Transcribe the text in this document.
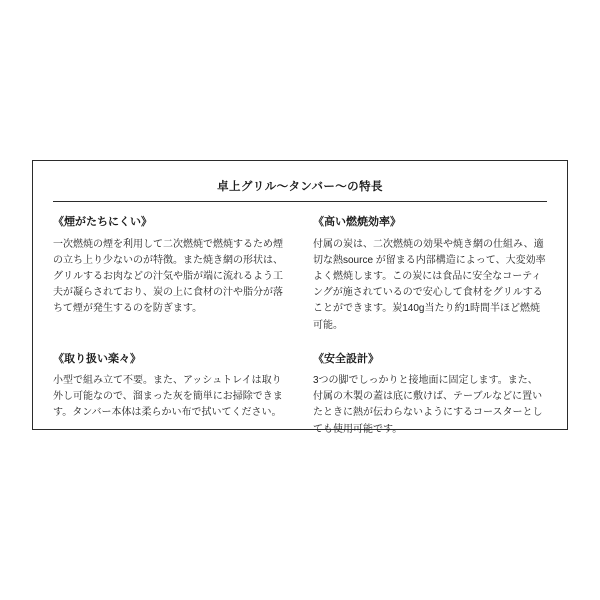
卓上グリル〜タンバー〜の特長

《煙がたちにくい》

一次燃焼の煙を利用して二次燃焼で燃焼するため煙の立ち上り少ないのが特徴。また焼き網の形状は、グリルするお肉などの汁気や脂が端に流れるよう工夫が凝らされており、炭の上に食材の汁や脂分が落ちて煙が発生するのを防ぎます。

《取り扱い楽々》

小型で組み立て不要。また、アッシュトレイは取り外し可能なので、溜まった灰を簡単にお掃除できます。タンバー本体は柔らかい布で拭いてください。

《高い燃焼効率》

付属の炭は、二次燃焼の効果や焼き網の仕組み、適切な熱source が留まる内部構造によって、大変効率よく燃焼します。この炭には食品に安全なコーティングが施されているので安心して食材をグリルすることができます。炭140g当たり約1時間半ほど燃焼可能。

《安全設計》

3つの脚でしっかりと接地面に固定します。また、付属の木製の蓋は底に敷けば、テーブルなどに置いたときに熱が伝わらないようにするコースターとしても使用可能です。
